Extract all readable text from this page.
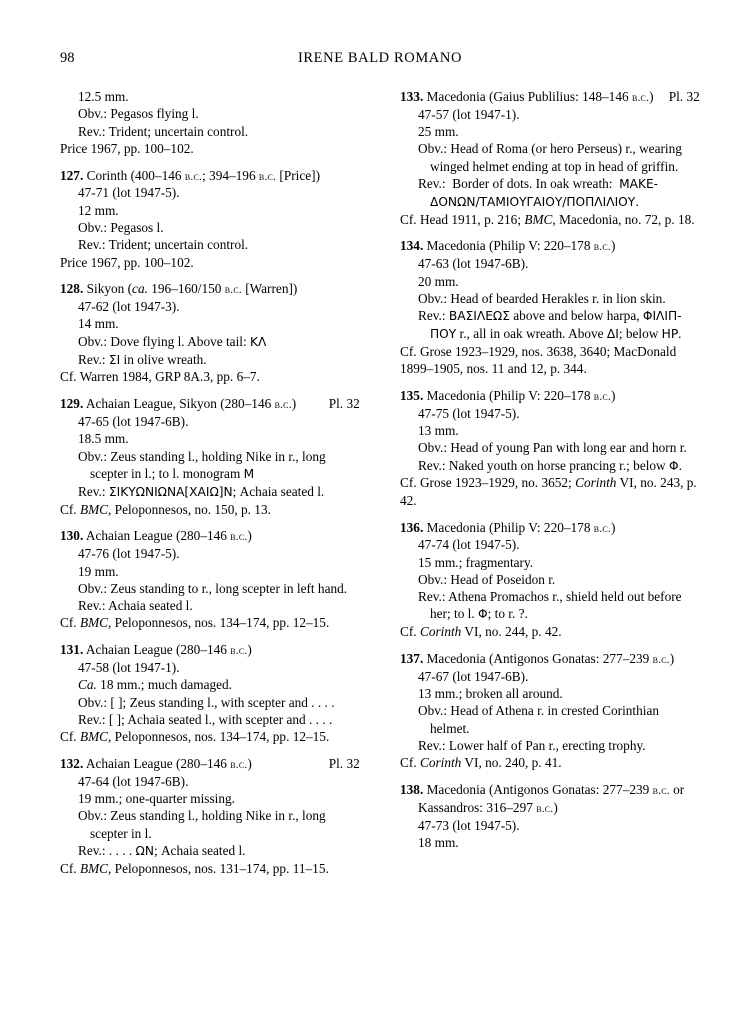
98	IRENE BALD ROMANO
12.5 mm.
Obv.: Pegasos flying l.
Rev.: Trident; uncertain control.
Price 1967, pp. 100–102.
127. Corinth (400–146 b.c.; 394–196 b.c. [Price])
47-71 (lot 1947-5).
12 mm.
Obv.: Pegasos l.
Rev.: Trident; uncertain control.
Price 1967, pp. 100–102.
128. Sikyon (ca. 196–160/150 b.c. [Warren])
47-62 (lot 1947-3).
14 mm.
Obv.: Dove flying l. Above tail: ΚΛ
Rev.: ΣΙ in olive wreath.
Cf. Warren 1984, GRP 8A.3, pp. 6–7.
Pl. 32
129. Achaian League, Sikyon (280–146 b.c.)
47-65 (lot 1947-6B).
18.5 mm.
Obv.: Zeus standing l., holding Nike in r., long scepter in l.; to l. monogram М
Rev.: ΣΙΚΥΩΝΙΩΝΑ[ΧΑΙΩ]Ν; Achaia seated l.
Cf. BMC, Peloponnesos, no. 150, p. 13.
130. Achaian League (280–146 b.c.)
47-76 (lot 1947-5).
19 mm.
Obv.: Zeus standing to r., long scepter in left hand.
Rev.: Achaia seated l.
Cf. BMC, Peloponnesos, nos. 134–174, pp. 12–15.
131. Achaian League (280–146 b.c.)
47-58 (lot 1947-1).
Ca. 18 mm.; much damaged.
Obv.: [ ]; Zeus standing l., with scepter and . . . .
Rev.: [ ]; Achaia seated l., with scepter and . . . .
Cf. BMC, Peloponnesos, nos. 134–174, pp. 12–15.
Pl. 32
132. Achaian League (280–146 b.c.)
47-64 (lot 1947-6B).
19 mm.; one-quarter missing.
Obv.: Zeus standing l., holding Nike in r., long scepter in l.
Rev.: . . . . ΩΝ; Achaia seated l.
Cf. BMC, Peloponnesos, nos. 131–174, pp. 11–15.
Pl. 32
133. Macedonia (Gaius Publilius: 148–146 b.c.)
47-57 (lot 1947-1).
25 mm.
Obv.: Head of Roma (or hero Perseus) r., wearing winged helmet ending at top in head of griffin.
Rev.:  Border of dots. In oak wreath:  ΜΑΚΕ-ΔΟΝΩΝ/ΤΑΜΙΟΥΓΑΙΟΥ/ΠΟΠΛΙΛΙΟΥ.
Cf. Head 1911, p. 216; BMC, Macedonia, no. 72, p. 18.
134. Macedonia (Philip V: 220–178 b.c.)
47-63 (lot 1947-6B).
20 mm.
Obv.: Head of bearded Herakles r. in lion skin.
Rev.: ΒΑΣΙΛΕΩΣ above and below harpa, ΦΙΛΙΠ-ΠΟΥ r., all in oak wreath. Above ΔΙ; below ΗР.
Cf. Grose 1923–1929, nos. 3638, 3640; MacDonald 1899–1905, nos. 11 and 12, p. 344.
135. Macedonia (Philip V: 220–178 b.c.)
47-75 (lot 1947-5).
13 mm.
Obv.: Head of young Pan with long ear and horn r.
Rev.: Naked youth on horse prancing r.; below Φ.
Cf. Grose 1923–1929, no. 3652; Corinth VI, no. 243, p. 42.
136. Macedonia (Philip V: 220–178 b.c.)
47-74 (lot 1947-5).
15 mm.; fragmentary.
Obv.: Head of Poseidon r.
Rev.: Athena Promachos r., shield held out before her; to l. Φ; to r. ?.
Cf. Corinth VI, no. 244, p. 42.
137. Macedonia (Antigonos Gonatas: 277–239 b.c.)
47-67 (lot 1947-6B).
13 mm.; broken all around.
Obv.: Head of Athena r. in crested Corinthian helmet.
Rev.: Lower half of Pan r., erecting trophy.
Cf. Corinth VI, no. 240, p. 41.
138. Macedonia (Antigonos Gonatas: 277–239 b.c. or Kassandros: 316–297 b.c.)
47-73 (lot 1947-5).
18 mm.
